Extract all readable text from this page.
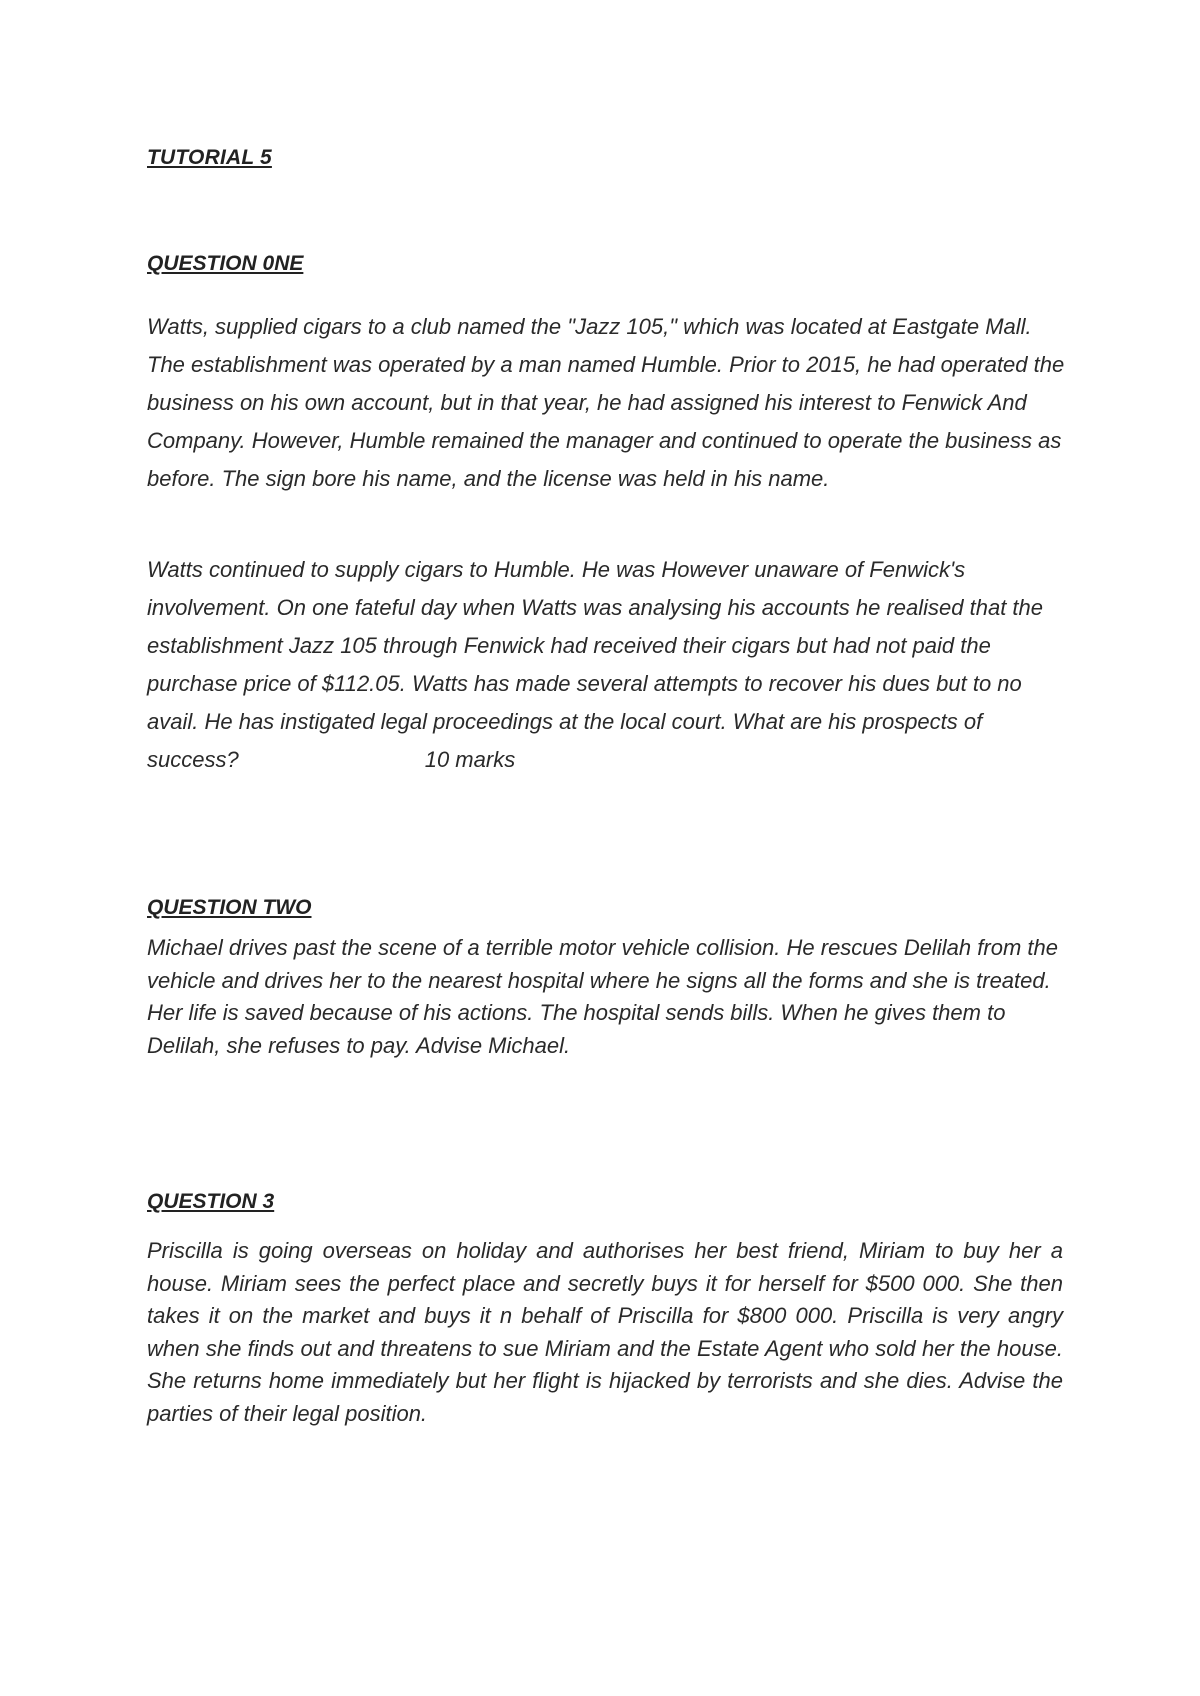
TUTORIAL 5
QUESTION 0NE

Watts, supplied cigars to a club named the "Jazz 105," which was located at Eastgate Mall. The establishment was operated by a man named Humble. Prior to 2015, he had operated the business on his own account, but in that year, he had assigned his interest to Fenwick And Company. However, Humble remained the manager and continued to operate the business as before. The sign bore his name, and the license was held in his name.

Watts continued to supply cigars to Humble. He was However unaware of Fenwick's involvement. On one fateful day when Watts was analysing his accounts he realised that the establishment Jazz 105 through Fenwick had received their cigars but had not paid the purchase price of $112.05. Watts has made several attempts to recover his dues but to no avail. He has instigated legal proceedings at the local court. What are his prospects of success?	10 marks

QUESTION TWO

Michael drives past the scene of a terrible motor vehicle collision. He rescues Delilah from the vehicle and drives her to the nearest hospital where he signs all the forms and she is treated. Her life is saved because of his actions. The hospital sends bills. When he gives them to Delilah, she refuses to pay. Advise Michael.

QUESTION 3

Priscilla is going overseas on holiday and authorises her best friend, Miriam to buy her a house. Miriam sees the perfect place and secretly buys it for herself for $500 000. She then takes it on the market and buys it n behalf of Priscilla for $800 000. Priscilla is very angry when she finds out and threatens to sue Miriam and the Estate Agent who sold her the house. She returns home immediately but her flight is hijacked by terrorists and she dies. Advise the parties of their legal position.
